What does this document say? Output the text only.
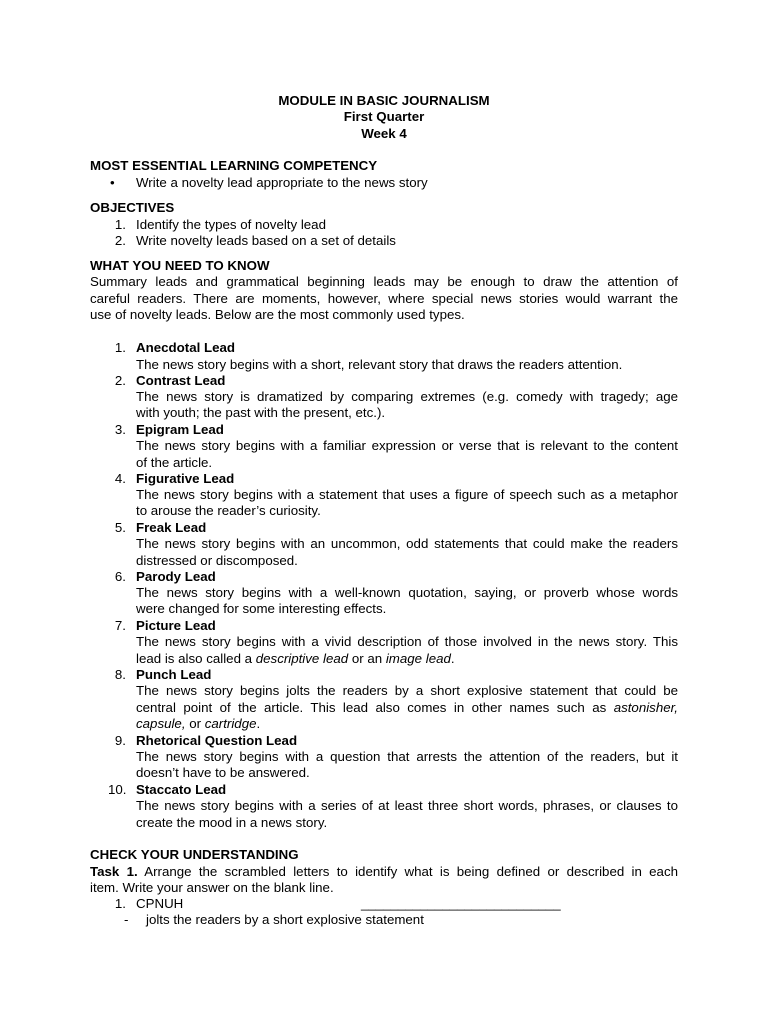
MODULE IN BASIC JOURNALISM
First Quarter
Week 4
MOST ESSENTIAL LEARNING COMPETENCY
• Write a novelty lead appropriate to the news story
OBJECTIVES
1. Identify the types of novelty lead
2. Write novelty leads based on a set of details
WHAT YOU NEED TO KNOW
Summary leads and grammatical beginning leads may be enough to draw the attention of
careful readers. There are moments, however, where special news stories would warrant the
use of novelty leads. Below are the most commonly used types.
1. Anecdotal Lead
The news story begins with a short, relevant story that draws the readers attention.
2. Contrast Lead
The news story is dramatized by comparing extremes (e.g. comedy with tragedy; age
with youth; the past with the present, etc.).
3. Epigram Lead
The news story begins with a familiar expression or verse that is relevant to the content
of the article.
4. Figurative Lead
The news story begins with a statement that uses a figure of speech such as a metaphor
to arouse the reader’s curiosity.
5. Freak Lead
The news story begins with an uncommon, odd statements that could make the readers
distressed or discomposed.
6. Parody Lead
The news story begins with a well-known quotation, saying, or proverb whose words
were changed for some interesting effects.
7. Picture Lead
The news story begins with a vivid description of those involved in the news story. This
lead is also called a descriptive lead or an image lead.
8. Punch Lead
The news story begins jolts the readers by a short explosive statement that could be
central point of the article. This lead also comes in other names such as astonisher,
capsule, or cartridge.
9. Rhetorical Question Lead
The news story begins with a question that arrests the attention of the readers, but it
doesn’t have to be answered.
10. Staccato Lead
The news story begins with a series of at least three short words, phrases, or clauses to
create the mood in a news story.
CHECK YOUR UNDERSTANDING
Task 1. Arrange the scrambled letters to identify what is being defined or described in each
item. Write your answer on the blank line.
1. CPNUH	___________________________
- jolts the readers by a short explosive statement
